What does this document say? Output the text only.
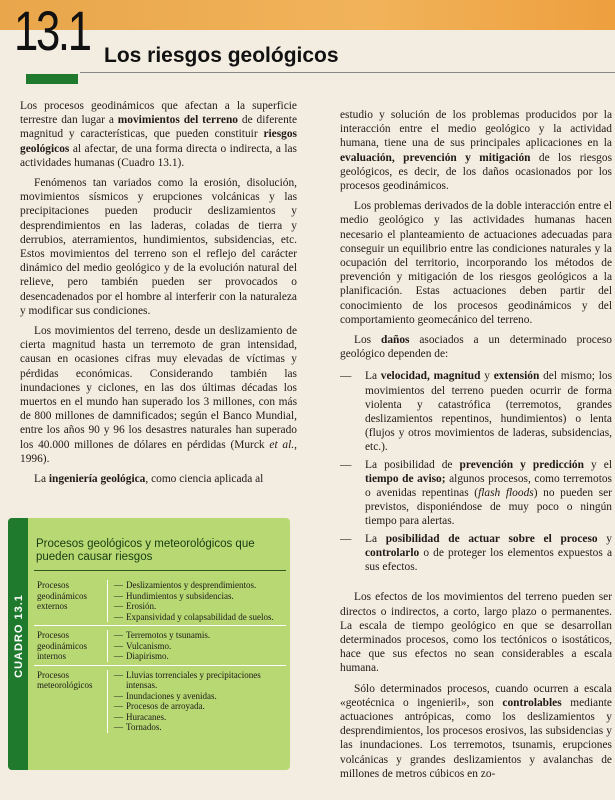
13.1 Los riesgos geológicos

Los procesos geodinámicos que afectan a la superficie terrestre dan lugar a movimientos del terreno de diferente magnitud y características, que pueden constituir riesgos geológicos al afectar, de una forma directa o indirecta, a las actividades humanas (Cuadro 13.1).

Fenómenos tan variados como la erosión, disolución, movimientos sísmicos y erupciones volcánicas y las precipitaciones pueden producir deslizamientos y desprendimientos en las laderas, coladas de tierra y derrubios, aterramientos, hundimientos, subsidencias, etc. Estos movimientos del terreno son el reflejo del carácter dinámico del medio geológico y de la evolución natural del relieve, pero también pueden ser provocados o desencadenados por el hombre al interferir con la naturaleza y modificar sus condiciones.

Los movimientos del terreno, desde un deslizamiento de cierta magnitud hasta un terremoto de gran intensidad, causan en ocasiones cifras muy elevadas de víctimas y pérdidas económicas. Considerando también las inundaciones y ciclones, en las dos últimas décadas los muertos en el mundo han superado los 3 millones, con más de 800 millones de damnificados; según el Banco Mundial, entre los años 90 y 96 los desastres naturales han superado los 40.000 millones de dólares en pérdidas (Murck et al., 1996).

La ingeniería geológica, como ciencia aplicada al

CUADRO 13.1
Procesos geológicos y meteorológicos que pueden causar riesgos
Procesos geodinámicos externos
— Deslizamientos y desprendimientos.
— Hundimientos y subsidencias.
— Erosión.
— Expansividad y colapsabilidad de suelos.
Procesos geodinámicos internos
— Terremotos y tsunamis.
— Vulcanismo.
— Diapirismo.
Procesos meteorológicos
— Lluvias torrenciales y precipitaciones intensas.
— Inundaciones y avenidas.
— Procesos de arroyada.
— Huracanes.
— Tornados.

estudio y solución de los problemas producidos por la interacción entre el medio geológico y la actividad humana, tiene una de sus principales aplicaciones en la evaluación, prevención y mitigación de los riesgos geológicos, es decir, de los daños ocasionados por los procesos geodinámicos.

Los problemas derivados de la doble interacción entre el medio geológico y las actividades humanas hacen necesario el planteamiento de actuaciones adecuadas para conseguir un equilibrio entre las condiciones naturales y la ocupación del territorio, incorporando los métodos de prevención y mitigación de los riesgos geológicos a la planificación. Estas actuaciones deben partir del conocimiento de los procesos geodinámicos y del comportamiento geomecánico del terreno.

Los daños asociados a un determinado proceso geológico dependen de:

— La velocidad, magnitud y extensión del mismo; los movimientos del terreno pueden ocurrir de forma violenta y catastrófica (terremotos, grandes deslizamientos repentinos, hundimientos) o lenta (flujos y otros movimientos de laderas, subsidencias, etc.).
— La posibilidad de prevención y predicción y el tiempo de aviso; algunos procesos, como terremotos o avenidas repentinas (flash floods) no pueden ser previstos, disponiéndose de muy poco o ningún tiempo para alertas.
— La posibilidad de actuar sobre el proceso y controlarlo o de proteger los elementos expuestos a sus efectos.

Los efectos de los movimientos del terreno pueden ser directos o indirectos, a corto, largo plazo o permanentes. La escala de tiempo geológico en que se desarrollan determinados procesos, como los tectónicos o isostáticos, hace que sus efectos no sean considerables a escala humana.

Sólo determinados procesos, cuando ocurren a escala «geotécnica o ingenieril», son controlables mediante actuaciones antrópicas, como los deslizamientos y desprendimientos, los procesos erosivos, las subsidencias y las inundaciones. Los terremotos, tsunamis, erupciones volcánicas y grandes deslizamientos y avalanchas de millones de metros cúbicos en zo-
